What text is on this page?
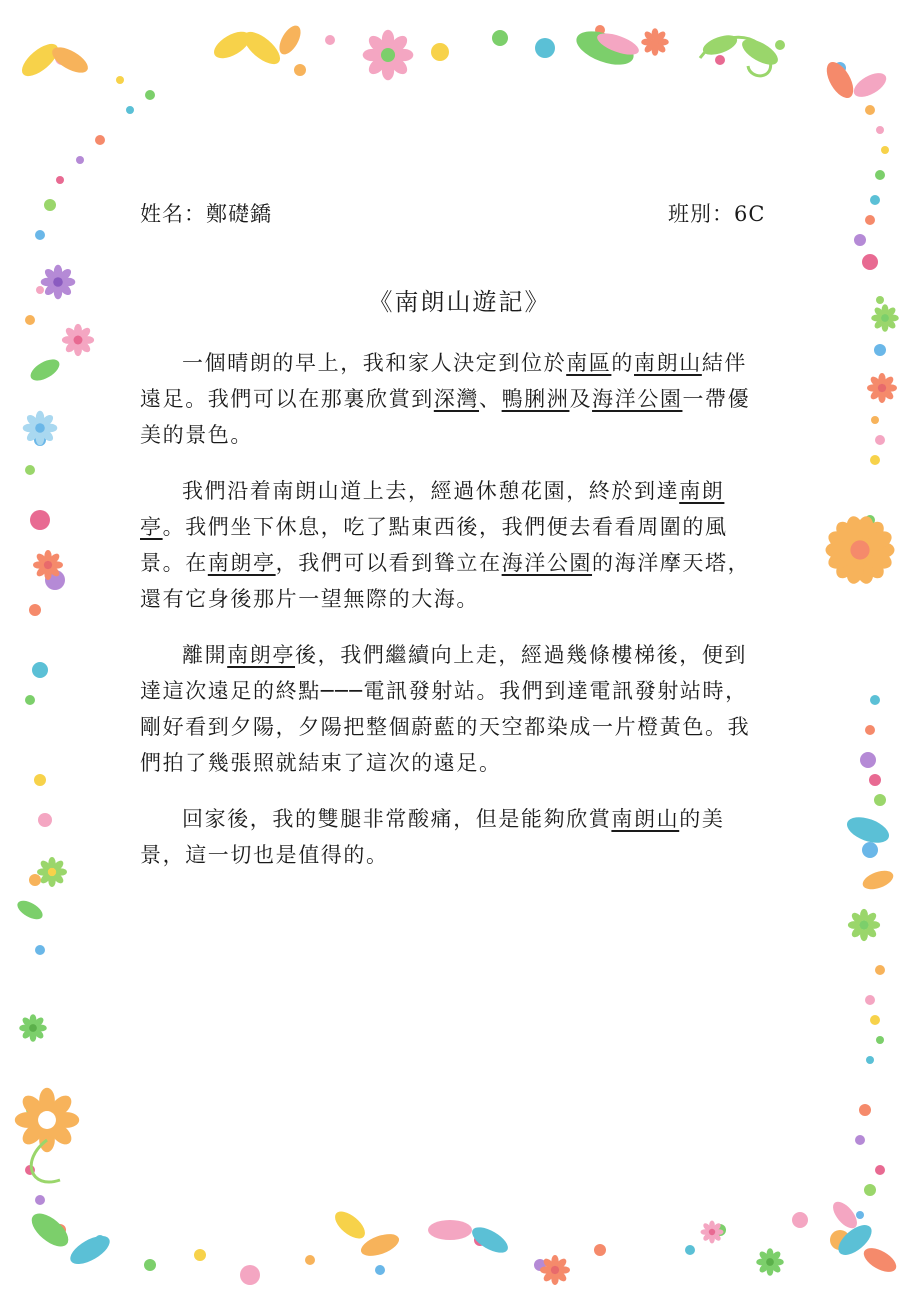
姓名：鄭礎鐈	班別：6C
《南朗山遊記》

一個晴朗的早上，我和家人決定到位於南區的南朗山結伴遠足。我們可以在那裏欣賞到深灣、鴨脷洲及海洋公園一帶優美的景色。

我們沿着南朗山道上去，經過休憩花園，終於到達南朗亭。我們坐下休息，吃了點東西後，我們便去看看周圍的風景。在南朗亭，我們可以看到聳立在海洋公園的海洋摩天塔，還有它身後那片一望無際的大海。

離開南朗亭後，我們繼續向上走，經過幾條樓梯後，便到達這次遠足的終點───電訊發射站。我們到達電訊發射站時，剛好看到夕陽，夕陽把整個蔚藍的天空都染成一片橙黃色。我們拍了幾張照就結束了這次的遠足。

回家後，我的雙腿非常酸痛，但是能夠欣賞南朗山的美景，這一切也是值得的。
